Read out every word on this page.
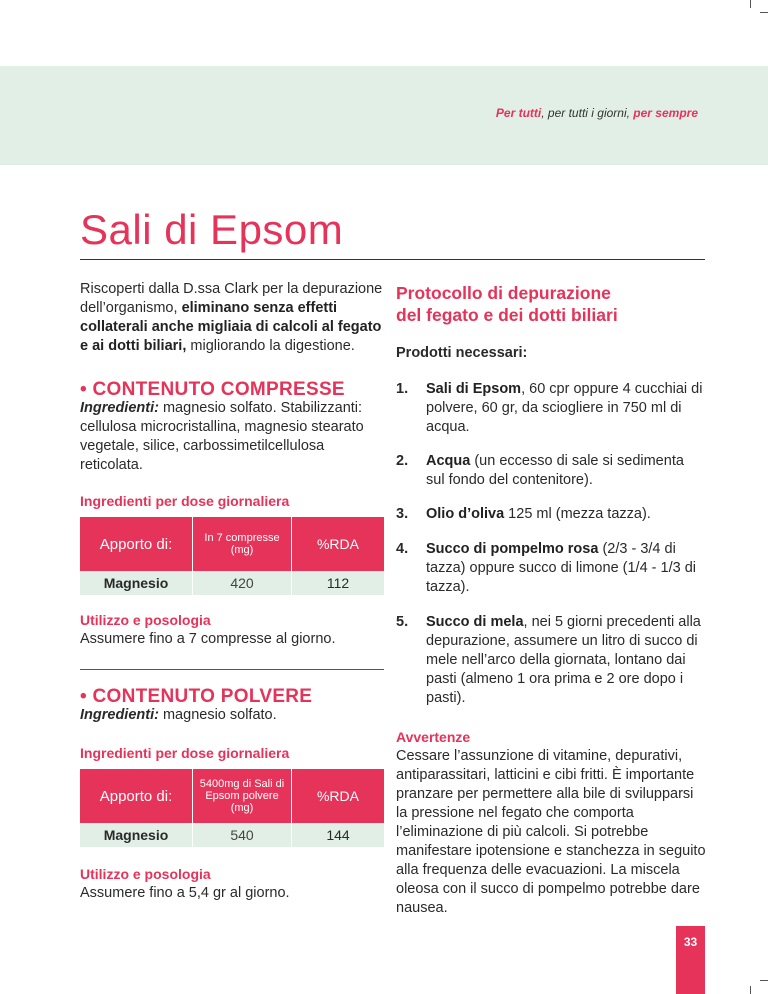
Per tutti, per tutti i giorni, per sempre
Sali di Epsom

Riscoperti dalla D.ssa Clark per la depurazione dell’organismo, eliminano senza effetti collaterali anche migliaia di calcoli al fegato e ai dotti biliari, migliorando la digestione.

• CONTENUTO COMPRESSE

Ingredienti: magnesio solfato. Stabilizzanti: cellulosa microcristallina, magnesio stearato vegetale, silice, carbossimetilcellulosa reticolata.

Ingredienti per dose giornaliera

Apporto di:	In 7 compresse (mg)	%RDA
Magnesio	420	112

Utilizzo e posologia

Assumere fino a 7 compresse al giorno.

• CONTENUTO POLVERE

Ingredienti: magnesio solfato.

Ingredienti per dose giornaliera

Apporto di:	5400mg di Sali di Epsom polvere (mg)	%RDA
Magnesio	540	144

Utilizzo e posologia

Assumere fino a 5,4 gr al giorno.

Protocollo di depurazione

del fegato e dei dotti biliari

Prodotti necessari:

1.	Sali di Epsom, 60 cpr oppure 4 cucchiai di polvere, 60 gr, da sciogliere in 750 ml di acqua.
2.	Acqua (un eccesso di sale si sedimenta sul fondo del contenitore).
3.	Olio d’oliva 125 ml (mezza tazza).
4.	Succo di pompelmo rosa (2/3 - 3/4 di tazza) oppure succo di limone (1/4 - 1/3 di tazza).
5.	Succo di mela, nei 5 giorni precedenti alla depurazione, assumere un litro di succo di mele nell’arco della giornata, lontano dai pasti (almeno 1 ora prima e 2 ore dopo i pasti).

Avvertenze

Cessare l’assunzione di vitamine, depurativi, antiparassitari, latticini e cibi fritti. È importante pranzare per permettere alla bile di svilupparsi la pressione nel fegato che comporta l’eliminazione di più calcoli. Si potrebbe manifestare ipotensione e stanchezza in seguito alla frequenza delle evacuazioni. La miscela oleosa con il succo di pompelmo potrebbe dare nausea.

33
